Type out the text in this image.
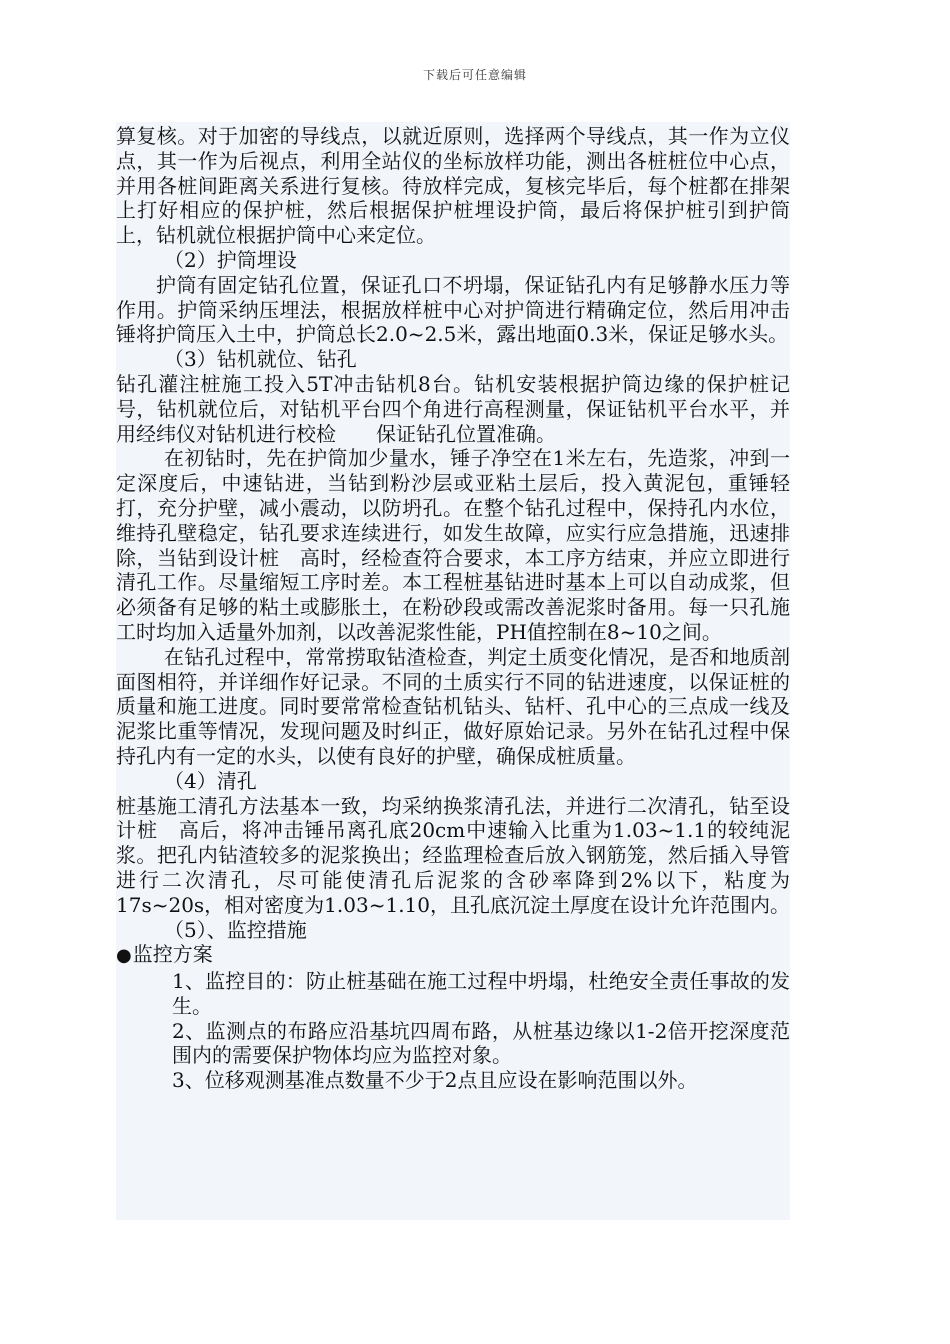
下载后可任意编辑

算复核。对于加密的导线点，以就近原则，选择两个导线点，其一作为立仪点，其一作为后视点，利用全站仪的坐标放样功能，测出各桩桩位中心点，并用各桩间距离关系进行复核。待放样完成，复核完毕后，每个桩都在排架上打好相应的保护桩，然后根据保护桩埋设护筒，最后将保护桩引到护筒上，钻机就位根据护筒中心来定位。

（2）护筒埋设

护筒有固定钻孔位置，保证孔口不坍塌，保证钻孔内有足够静水压力等作用。护筒采纳压埋法，根据放样桩中心对护筒进行精确定位，然后用冲击锤将护筒压入土中，护筒总长2.0~2.5米，露出地面0.3米，保证足够水头。

（3）钻机就位、钻孔

钻孔灌注桩施工投入5T冲击钻机8台。钻机安装根据护筒边缘的保护桩记号，钻机就位后，对钻机平台四个角进行高程测量，保证钻机平台水平，并用经纬仪对钻机进行校检　　保证钻孔位置准确。

在初钻时，先在护筒加少量水，锤子净空在1米左右，先造浆，冲到一定深度后，中速钻进，当钻到粉沙层或亚粘土层后，投入黄泥包，重锤轻打，充分护壁，减小震动，以防坍孔。在整个钻孔过程中，保持孔内水位，维持孔壁稳定，钻孔要求连续进行，如发生故障，应实行应急措施，迅速排除，当钻到设计桩　高时，经检查符合要求，本工序方结束，并应立即进行清孔工作。尽量缩短工序时差。本工程桩基钻进时基本上可以自动成浆，但必须备有足够的粘土或膨胀土，在粉砂段或需改善泥浆时备用。每一只孔施工时均加入适量外加剂，以改善泥浆性能，PH值控制在8~10之间。

在钻孔过程中，常常捞取钻渣检查，判定土质变化情况，是否和地质剖面图相符，并详细作好记录。不同的土质实行不同的钻进速度，以保证桩的质量和施工进度。同时要常常检查钻机钻头、钻杆、孔中心的三点成一线及泥浆比重等情况，发现问题及时纠正，做好原始记录。另外在钻孔过程中保持孔内有一定的水头，以使有良好的护壁，确保成桩质量。

（4）清孔

桩基施工清孔方法基本一致，均采纳换浆清孔法，并进行二次清孔，钻至设计桩　高后，将冲击锤吊离孔底20cm中速输入比重为1.03~1.1的较纯泥浆。把孔内钻渣较多的泥浆换出；经监理检查后放入钢筋笼，然后插入导管进行二次清孔，尽可能使清孔后泥浆的含砂率降到2%以下，粘度为17s~20s，相对密度为1.03~1.10，且孔底沉淀土厚度在设计允许范围内。

（5）、监控措施

●监控方案

1、监控目的：防止桩基础在施工过程中坍塌，杜绝安全责任事故的发生。

2、监测点的布路应沿基坑四周布路，从桩基边缘以1-2倍开挖深度范围内的需要保护物体均应为监控对象。

3、位移观测基准点数量不少于2点且应设在影响范围以外。
